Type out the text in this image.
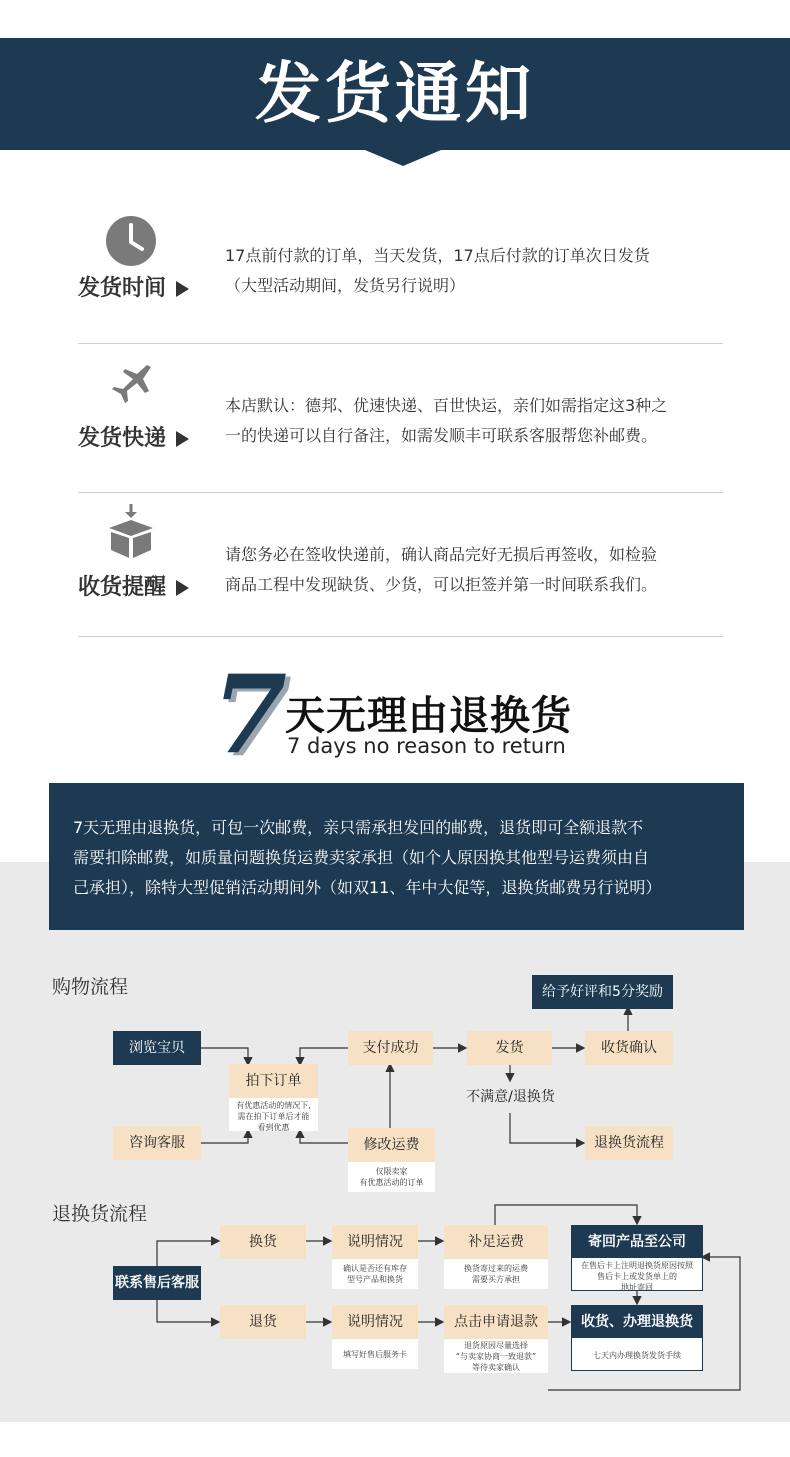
发货通知
发货时间
17点前付款的订单，当天发货，17点后付款的订单次日发货
（大型活动期间，发货另行说明）
发货快递
本店默认：德邦、优速快递、百世快运，亲们如需指定这3种之
一的快递可以自行备注，如需发顺丰可联系客服帮您补邮费。
收货提醒
请您务必在签收快递前，确认商品完好无损后再签收，如检验
商品工程中发现缺货、少货，可以拒签并第一时间联系我们。
7
天无理由退换货
7 days no reason to return
7天无理由退换货，可包一次邮费，亲只需承担发回的邮费，退货即可全额退款不
需要扣除邮费，如质量问题换货运费卖家承担（如个人原因换其他型号运费须由自
己承担），除特大型促销活动期间外（如双11、年中大促等，退换货邮费另行说明）
购物流程
浏览宝贝
咨询客服
拍下订单
有优惠活动的情况下,
需在拍下订单后才能
看到优惠
支付成功
修改运费
仅限卖家
有优惠活动的订单
发货	收货确认
给予好评和5分奖励
不满意/退换货
退换货流程
退换货流程
联系售后客服
换货
退货
说明情况
确认是否还有库存
型号产品和换货
说明情况
填写好售后服务卡
补足运费
换货寄过来的运费
需要买方承担
点击申请退款
退货原因尽量选择
“与卖家协商一致退款”
等待卖家确认
寄回产品至公司
在售后卡上注明退换货原因按照
售后卡上或发货单上的
地址寄回
收货、办理退换货
七天内办理换货发货手续
